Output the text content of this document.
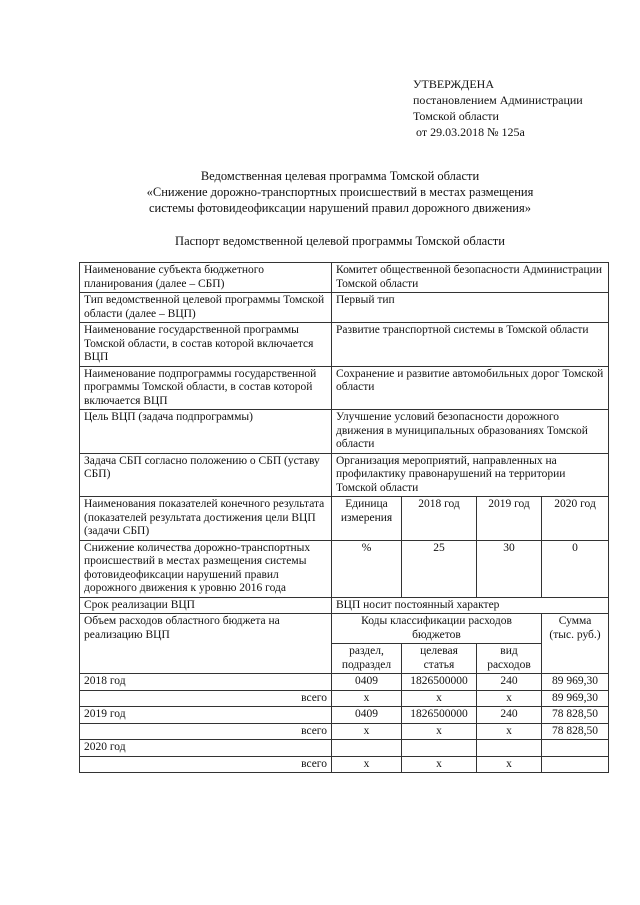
УТВЕРЖДЕНА
постановлением Администрации
Томской области
от 29.03.2018 № 125а
Ведомственная целевая программа Томской области
«Снижение дорожно-транспортных происшествий в местах размещения
системы фотовидеофиксации нарушений правил дорожного движения»
Паспорт ведомственной целевой программы Томской области
Наименование субъекта бюджетного планирования (далее – СБП)	Комитет общественной безопасности Администрации Томской области			
Тип ведомственной целевой программы Томской области (далее – ВЦП)	Первый тип			
Наименование государственной программы Томской области, в состав которой включается ВЦП	Развитие транспортной системы в Томской области			
Наименование подпрограммы государственной программы Томской области, в состав которой включается ВЦП	Сохранение и развитие автомобильных дорог Томской области			
Цель ВЦП (задача подпрограммы)	Улучшение условий безопасности дорожного движения в муниципальных образованиях Томской области			
Задача СБП согласно положению о СБП (уставу СБП)	Организация мероприятий, направленных на профилактику правонарушений на территории Томской области			
Наименования показателей конечного результата (показателей результата достижения цели ВЦП (задачи СБП)	Единица измерения	2018 год	2019 год	2020 год
Снижение количества дорожно-транспортных происшествий в местах размещения системы фотовидеофиксации нарушений правил дорожного движения к уровню 2016 года	%	25	30	0
Срок реализации ВЦП	ВЦП носит постоянный характер			
Объем расходов областного бюджета на реализацию ВЦП	Коды классификации расходов бюджетов			Сумма (тыс. руб.)
	раздел, подраздел	целевая статья	вид расходов	
2018 год	0409	1826500000	240	89 969,30
всего	х	х	х	89 969,30
2019 год	0409	1826500000	240	78 828,50
всего	х	х	х	78 828,50
2020 год				
всего	х	х	х	
